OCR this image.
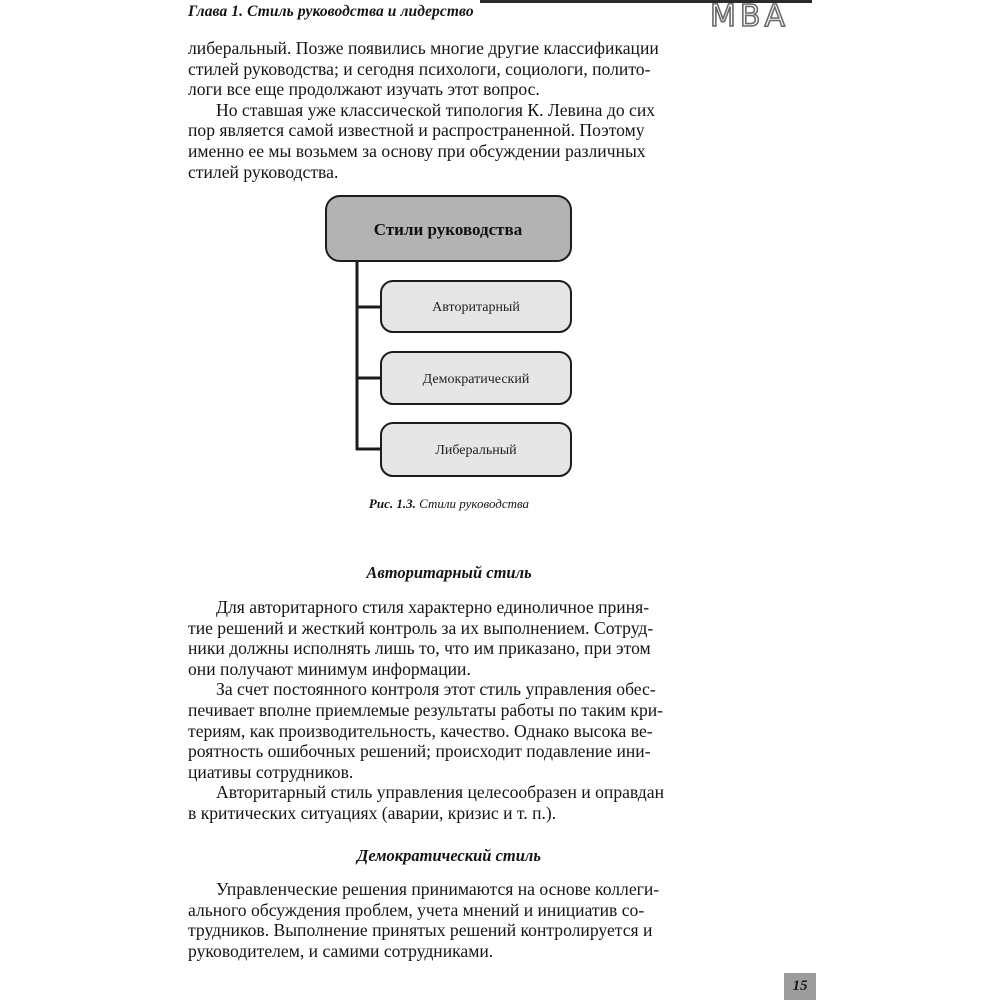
Глава 1. Стиль руководства и лидерство	MBA

либеральный. Позже появились многие другие классификации
стилей руководства; и сегодня психологи, социологи, полито-
логи все еще продолжают изучать этот вопрос.

Но ставшая уже классической типология К. Левина до сих
пор является самой известной и распространенной. Поэтому
именно ее мы возьмем за основу при обсуждении различных
стилей руководства.

Стили руководства
Авторитарный
Демократический
Либеральный
Рис. 1.3. Стили руководства
Авторитарный стиль

Для авторитарного стиля характерно единоличное приня-
тие решений и жесткий контроль за их выполнением. Сотруд-
ники должны исполнять лишь то, что им приказано, при этом
они получают минимум информации.

За счет постоянного контроля этот стиль управления обес-
печивает вполне приемлемые результаты работы по таким кри-
териям, как производительность, качество. Однако высока ве-
роятность ошибочных решений; происходит подавление ини-
циативы сотрудников.

Авторитарный стиль управления целесообразен и оправдан
в критических ситуациях (аварии, кризис и т. п.).

Демократический стиль

Управленческие решения принимаются на основе коллеги-
ального обсуждения проблем, учета мнений и инициатив со-
трудников. Выполнение принятых решений контролируется и
руководителем, и самими сотрудниками.

15
